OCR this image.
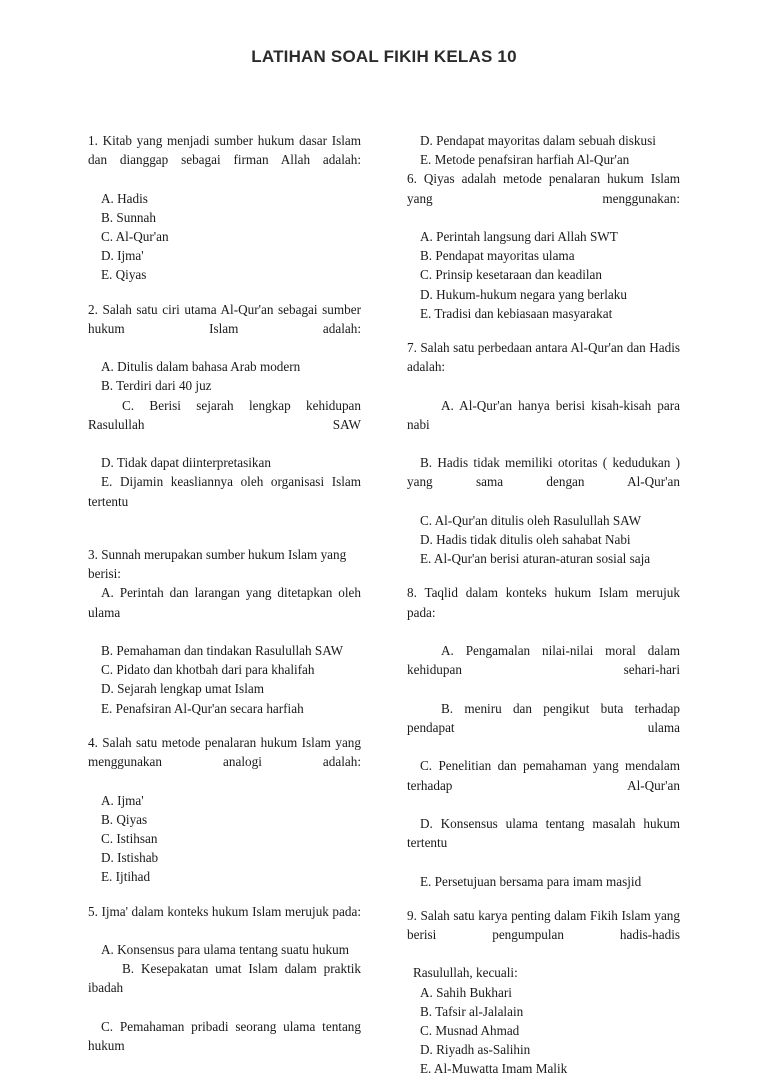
LATIHAN SOAL FIKIH KELAS 10

1. Kitab yang menjadi sumber hukum dasar Islam dan dianggap sebagai firman Allah adalah:

A. Hadis

B. Sunnah

C. Al-Qur'an

D. Ijma'

E. Qiyas

2. Salah satu ciri utama Al-Qur'an sebagai sumber hukum Islam adalah:

A. Ditulis dalam bahasa Arab modern

B. Terdiri dari 40 juz

C. Berisi sejarah lengkap kehidupan Rasulullah SAW

D. Tidak dapat diinterpretasikan

E. Dijamin keasliannya oleh organisasi Islam tertentu

3. Sunnah merupakan sumber hukum Islam yang berisi:

A. Perintah dan larangan yang ditetapkan oleh ulama

B. Pemahaman dan tindakan Rasulullah SAW

C. Pidato dan khotbah dari para khalifah

D. Sejarah lengkap umat Islam

E. Penafsiran Al-Qur'an secara harfiah

4. Salah satu metode penalaran hukum Islam yang menggunakan analogi adalah:

A. Ijma'

B. Qiyas

C. Istihsan

D. Istishab

E. Ijtihad

5. Ijma' dalam konteks hukum Islam merujuk pada:

A. Konsensus para ulama tentang suatu hukum

B. Kesepakatan umat Islam dalam praktik ibadah

C. Pemahaman pribadi seorang ulama tentang hukum

D. Pendapat mayoritas dalam sebuah diskusi

E. Metode penafsiran harfiah Al-Qur'an

6. Qiyas adalah metode penalaran hukum Islam yang menggunakan:

A. Perintah langsung dari Allah SWT

B. Pendapat mayoritas ulama

C. Prinsip kesetaraan dan keadilan

D. Hukum-hukum negara yang berlaku

E. Tradisi dan kebiasaan masyarakat

7. Salah satu perbedaan antara Al-Qur'an dan Hadis adalah:

A. Al-Qur'an hanya berisi kisah-kisah para nabi

B. Hadis tidak memiliki otoritas ( kedudukan ) yang sama dengan Al-Qur'an

C. Al-Qur'an ditulis oleh Rasulullah SAW

D. Hadis tidak ditulis oleh sahabat Nabi

E. Al-Qur'an berisi aturan-aturan sosial saja

8. Taqlid dalam konteks hukum Islam merujuk pada:

A. Pengamalan nilai-nilai moral dalam kehidupan sehari-hari

B. meniru dan pengikut buta terhadap pendapat ulama

C. Penelitian dan pemahaman yang mendalam terhadap Al-Qur'an

D. Konsensus ulama tentang masalah hukum tertentu

E. Persetujuan bersama para imam masjid

9. Salah satu karya penting dalam Fikih Islam yang berisi pengumpulan hadis-hadis

Rasulullah, kecuali:

A. Sahih Bukhari

B. Tafsir al-Jalalain

C. Musnad Ahmad

D. Riyadh as-Salihin

E. Al-Muwatta Imam Malik
